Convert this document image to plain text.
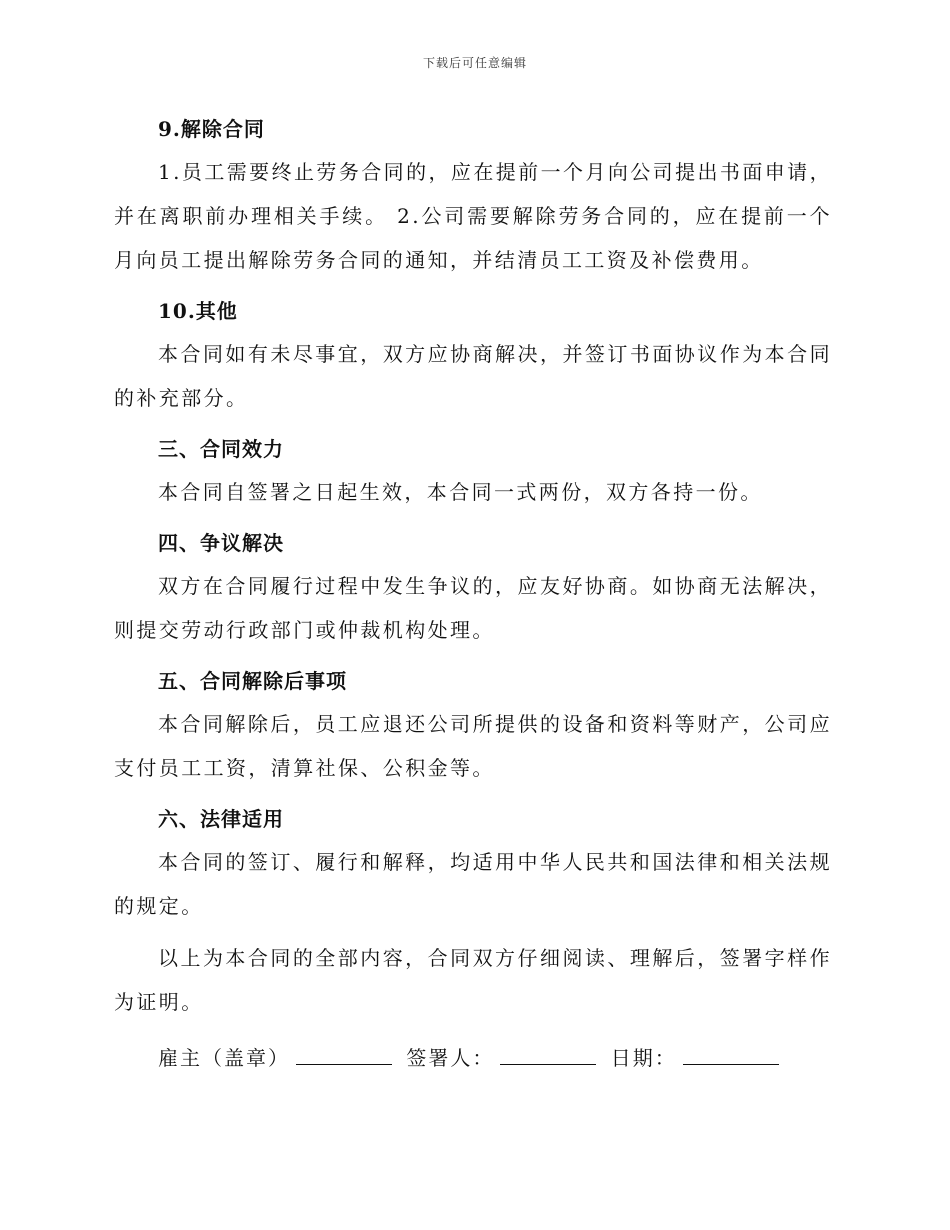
下载后可任意编辑
9.解除合同

1.员工需要终止劳务合同的，应在提前一个月向公司提出书面申请，并在离职前办理相关手续。 2.公司需要解除劳务合同的，应在提前一个月向员工提出解除劳务合同的通知，并结清员工工资及补偿费用。

10.其他

本合同如有未尽事宜，双方应协商解决，并签订书面协议作为本合同的补充部分。

三、合同效力

本合同自签署之日起生效，本合同一式两份，双方各持一份。

四、争议解决

双方在合同履行过程中发生争议的，应友好协商。如协商无法解决，则提交劳动行政部门或仲裁机构处理。

五、合同解除后事项

本合同解除后，员工应退还公司所提供的设备和资料等财产，公司应支付员工工资，清算社保、公积金等。

六、法律适用

本合同的签订、履行和解释，均适用中华人民共和国法律和相关法规的规定。

以上为本合同的全部内容，合同双方仔细阅读、理解后，签署字样作为证明。

雇主（盖章）	签署人：	日期：
